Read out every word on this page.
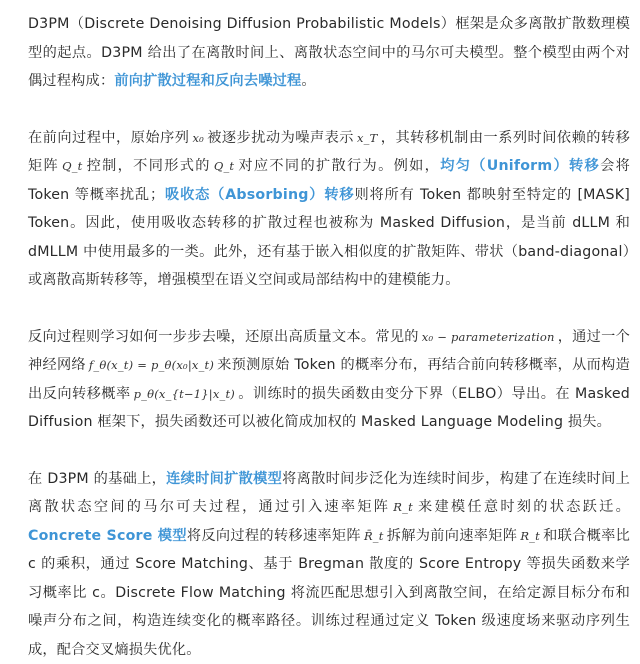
D3PM（Discrete Denoising Diffusion Probabilistic Models）框架是众多离散扩散数理模型的起点。D3PM 给出了在离散时间上、离散状态空间中的马尔可夫模型。整个模型由两个对偶过程构成：前向扩散过程和反向去噪过程。

在前向过程中，原始序列 x₀ 被逐步扰动为噪声表示 x_T ，其转移机制由一系列时间依赖的转移矩阵 Q_t 控制，不同形式的 Q_t 对应不同的扩散行为。例如，均匀（Uniform）转移会将 Token 等概率扰乱；吸收态（Absorbing）转移则将所有 Token 都映射至特定的 [MASK] Token。因此，使用吸收态转移的扩散过程也被称为 Masked Diffusion，是当前 dLLM 和 dMLLM 中使用最多的一类。此外，还有基于嵌入相似度的扩散矩阵、带状（band-diagonal）或离散高斯转移等，增强模型在语义空间或局部结构中的建模能力。

反向过程则学习如何一步步去噪，还原出高质量文本。常见的 x₀ − parameterization ，通过一个神经网络 f_θ(x_t) = p_θ(x₀|x_t) 来预测原始 Token 的概率分布，再结合前向转移概率，从而构造出反向转移概率 p_θ(x_{t−1}|x_t) 。训练时的损失函数由变分下界（ELBO）导出。在 Masked Diffusion 框架下，损失函数还可以被化简成加权的 Masked Language Modeling 损失。

在 D3PM 的基础上，连续时间扩散模型将离散时间步泛化为连续时间步，构建了在连续时间上离散状态空间的马尔可夫过程，通过引入速率矩阵 R_t 来建模任意时刻的状态跃迁。Concrete Score 模型将反向过程的转移速率矩阵 R̄_t 拆解为前向速率矩阵 R_t 和联合概率比 c 的乘积，通过 Score Matching、基于 Bregman 散度的 Score Entropy 等损失函数来学习概率比 c。Discrete Flow Matching 将流匹配思想引入到离散空间，在给定源目标分布和噪声分布之间，构造连续变化的概率路径。训练过程通过定义 Token 级速度场来驱动序列生成，配合交叉熵损失优化。
